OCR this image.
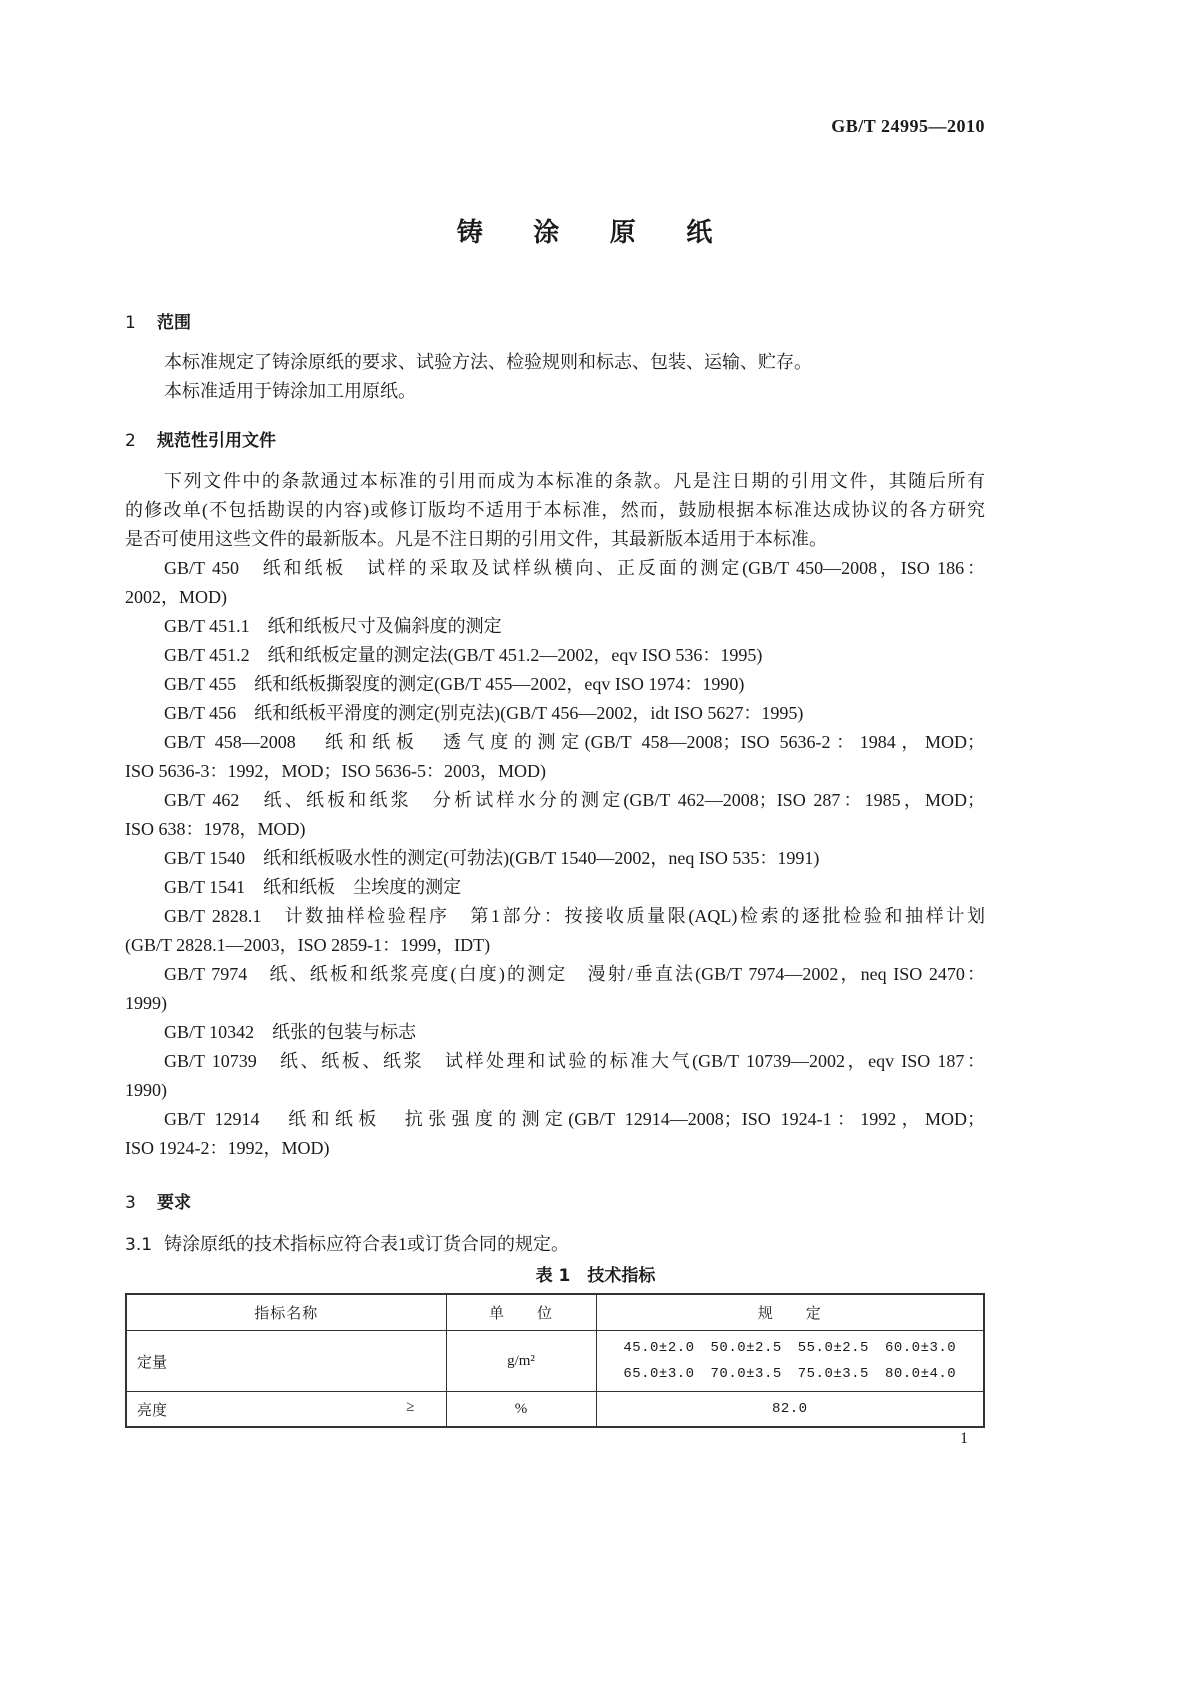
GB/T 24995—2010
铸 涂 原 纸
1 范围
本标准规定了铸涂原纸的要求、试验方法、检验规则和标志、包装、运输、贮存。
本标准适用于铸涂加工用原纸。
2 规范性引用文件
下列文件中的条款通过本标准的引用而成为本标准的条款。凡是注日期的引用文件，其随后所有
的修改单(不包括勘误的内容)或修订版均不适用于本标准，然而，鼓励根据本标准达成协议的各方研究
是否可使用这些文件的最新版本。凡是不注日期的引用文件，其最新版本适用于本标准。
GB/T 450　纸和纸板　试样的采取及试样纵横向、正反面的测定(GB/T 450—2008，ISO 186：
2002，MOD)
GB/T 451.1　纸和纸板尺寸及偏斜度的测定
GB/T 451.2　纸和纸板定量的测定法(GB/T 451.2—2002，eqv ISO 536：1995)
GB/T 455　纸和纸板撕裂度的测定(GB/T 455—2002，eqv ISO 1974：1990)
GB/T 456　纸和纸板平滑度的测定(别克法)(GB/T 456—2002，idt ISO 5627：1995)
GB/T 458—2008　纸和纸板　透气度的测定(GB/T 458—2008；ISO 5636-2：1984，MOD；
ISO 5636-3：1992，MOD；ISO 5636-5：2003，MOD)
GB/T 462　纸、纸板和纸浆　分析试样水分的测定(GB/T 462—2008；ISO 287：1985，MOD；
ISO 638：1978，MOD)
GB/T 1540　纸和纸板吸水性的测定(可勃法)(GB/T 1540—2002，neq ISO 535：1991)
GB/T 1541　纸和纸板　尘埃度的测定
GB/T 2828.1　计数抽样检验程序　第1部分：按接收质量限(AQL)检索的逐批检验和抽样计划
(GB/T 2828.1—2003，ISO 2859-1：1999，IDT)
GB/T 7974　纸、纸板和纸浆亮度(白度)的测定　漫射/垂直法(GB/T 7974—2002，neq ISO 2470：
1999)
GB/T 10342　纸张的包装与标志
GB/T 10739　纸、纸板、纸浆　试样处理和试验的标准大气(GB/T 10739—2002，eqv ISO 187：
1990)
GB/T 12914　纸和纸板　抗张强度的测定(GB/T 12914—2008；ISO 1924-1：1992，MOD；
ISO 1924-2：1992，MOD)
3 要求
3.1 铸涂原纸的技术指标应符合表1或订货合同的规定。
表 1　技术指标
指标名称	单　　位	规　　定
定量	g/m²	45.0±2.0 50.0±2.5 55.0±2.5 60.0±3.0
65.0±3.0 70.0±3.5 75.0±3.5 80.0±4.0

亮度 ≥	%	82.0
1
